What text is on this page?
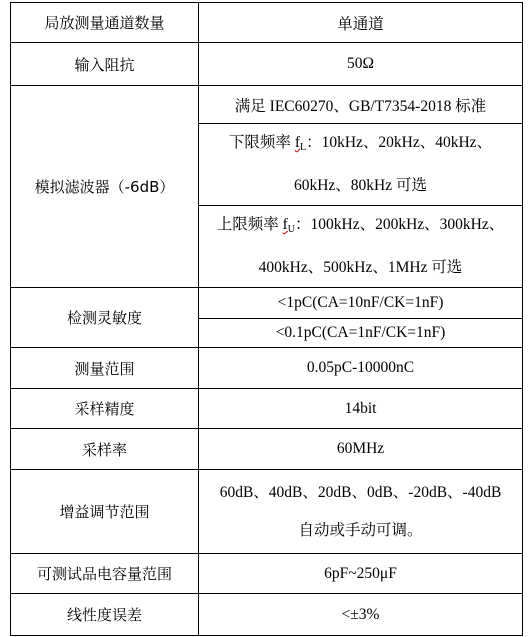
局放测量通道数量	单通道
输入阻抗	50Ω
模拟滤波器（-6dB）	满足 IEC60270、GB/T7354-2018 标准
	下限频率 $f_L$：10kHz、20kHz、40kHz、
60kHz、80kHz 可选
	上限频率 $f_U$：100kHz、200kHz、300kHz、
400kHz、500kHz、1MHz 可选
检测灵敏度	<1pC(CA=10nF/CK=1nF)
	<0.1pC(CA=1nF/CK=1nF)
测量范围	0.05pC-10000nC
采样精度	14bit
采样率	60MHz
增益调节范围	60dB、40dB、20dB、0dB、-20dB、-40dB
自动或手动可调。
可测试品电容量范围	6pF~250μF
线性度误差	<±3%
